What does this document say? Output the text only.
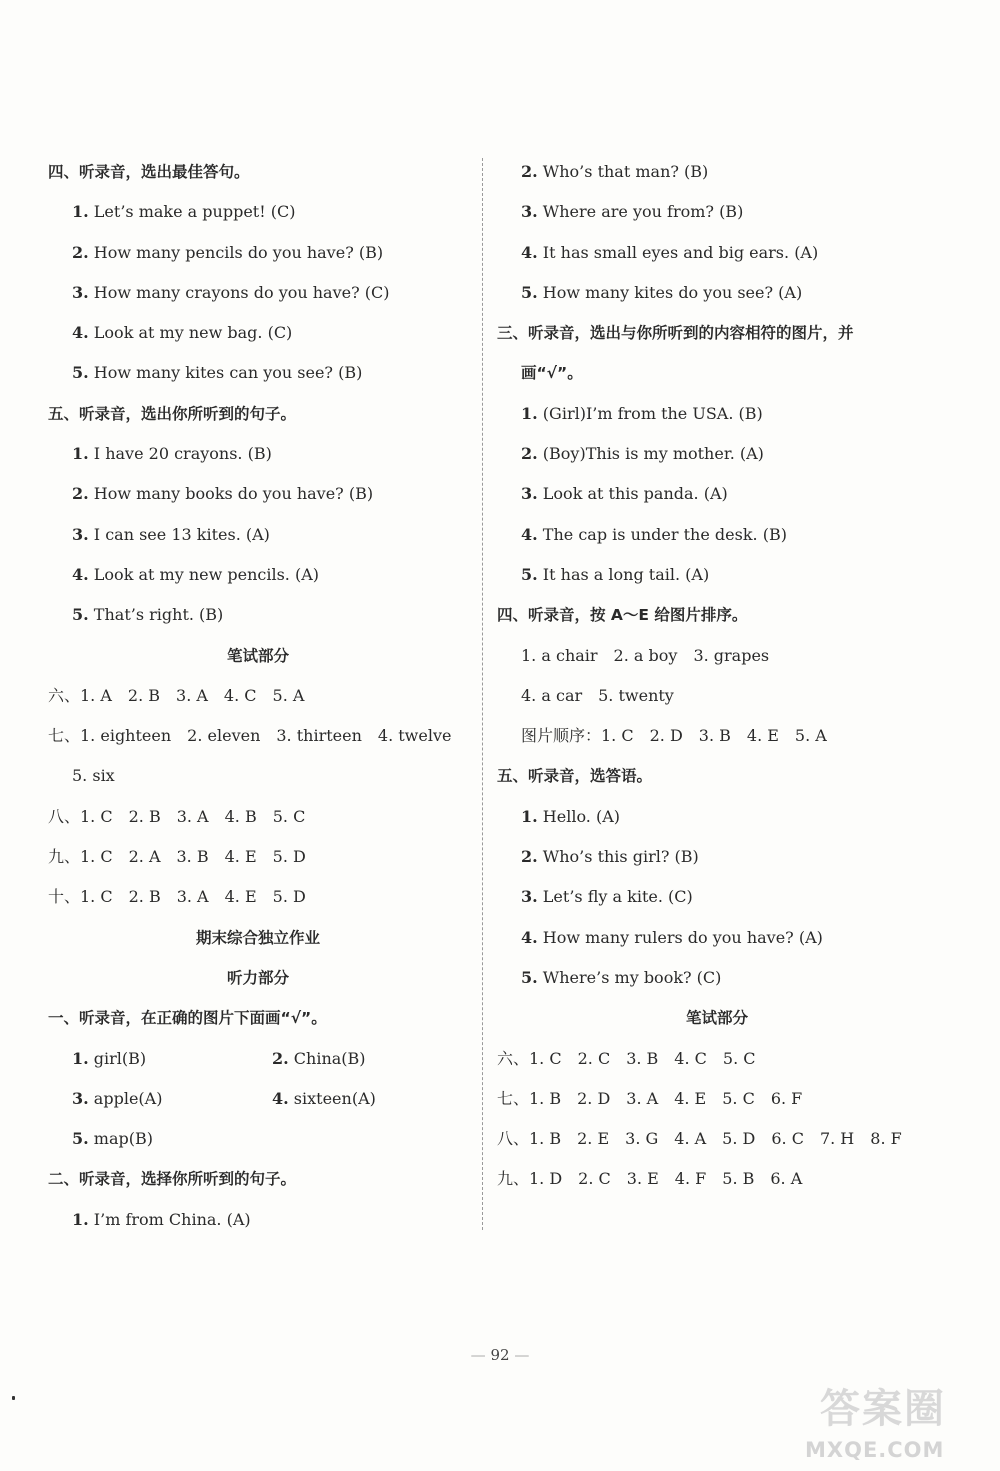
四、听录音，选出最佳答句。
1. Let’s make a puppet! (C)
2. How many pencils do you have? (B)
3. How many crayons do you have? (C)
4. Look at my new bag. (C)
5. How many kites can you see? (B)
五、听录音，选出你所听到的句子。
1. I have 20 crayons. (B)
2. How many books do you have? (B)
3. I can see 13 kites. (A)
4. Look at my new pencils. (A)
5. That’s right. (B)
笔试部分
六、1. A　2. B　3. A　4. C　5. A
七、1. eighteen　2. eleven　3. thirteen　4. twelve
5. six
八、1. C　2. B　3. A　4. B　5. C
九、1. C　2. A　3. B　4. E　5. D
十、1. C　2. B　3. A　4. E　5. D
期末综合独立作业
听力部分
一、听录音，在正确的图片下面画“√”。
1. girl(B)	2. China(B)
3. apple(A)	4. sixteen(A)
5. map(B)
二、听录音，选择你所听到的句子。
1. I’m from China. (A)
2. Who’s that man? (B)
3. Where are you from? (B)
4. It has small eyes and big ears. (A)
5. How many kites do you see? (A)
三、听录音，选出与你所听到的内容相符的图片，并
画“√”。
1. (Girl)I’m from the USA. (B)
2. (Boy)This is my mother. (A)
3. Look at this panda. (A)
4. The cap is under the desk. (B)
5. It has a long tail. (A)
四、听录音，按 A～E 给图片排序。
1. a chair　2. a boy　3. grapes
4. a car　5. twenty
图片顺序：1. C　2. D　3. B　4. E　5. A
五、听录音，选答语。
1. Hello. (A)
2. Who’s this girl? (B)
3. Let’s fly a kite. (C)
4. How many rulers do you have? (A)
5. Where’s my book? (C)
笔试部分
六、1. C　2. C　3. B　4. C　5. C
七、1. B　2. D　3. A　4. E　5. C　6. F
八、1. B　2. E　3. G　4. A　5. D　6. C　7. H　8. F
九、1. D　2. C　3. E　4. F　5. B　6. A
— 92 —
答案圈
MXQE.COM
